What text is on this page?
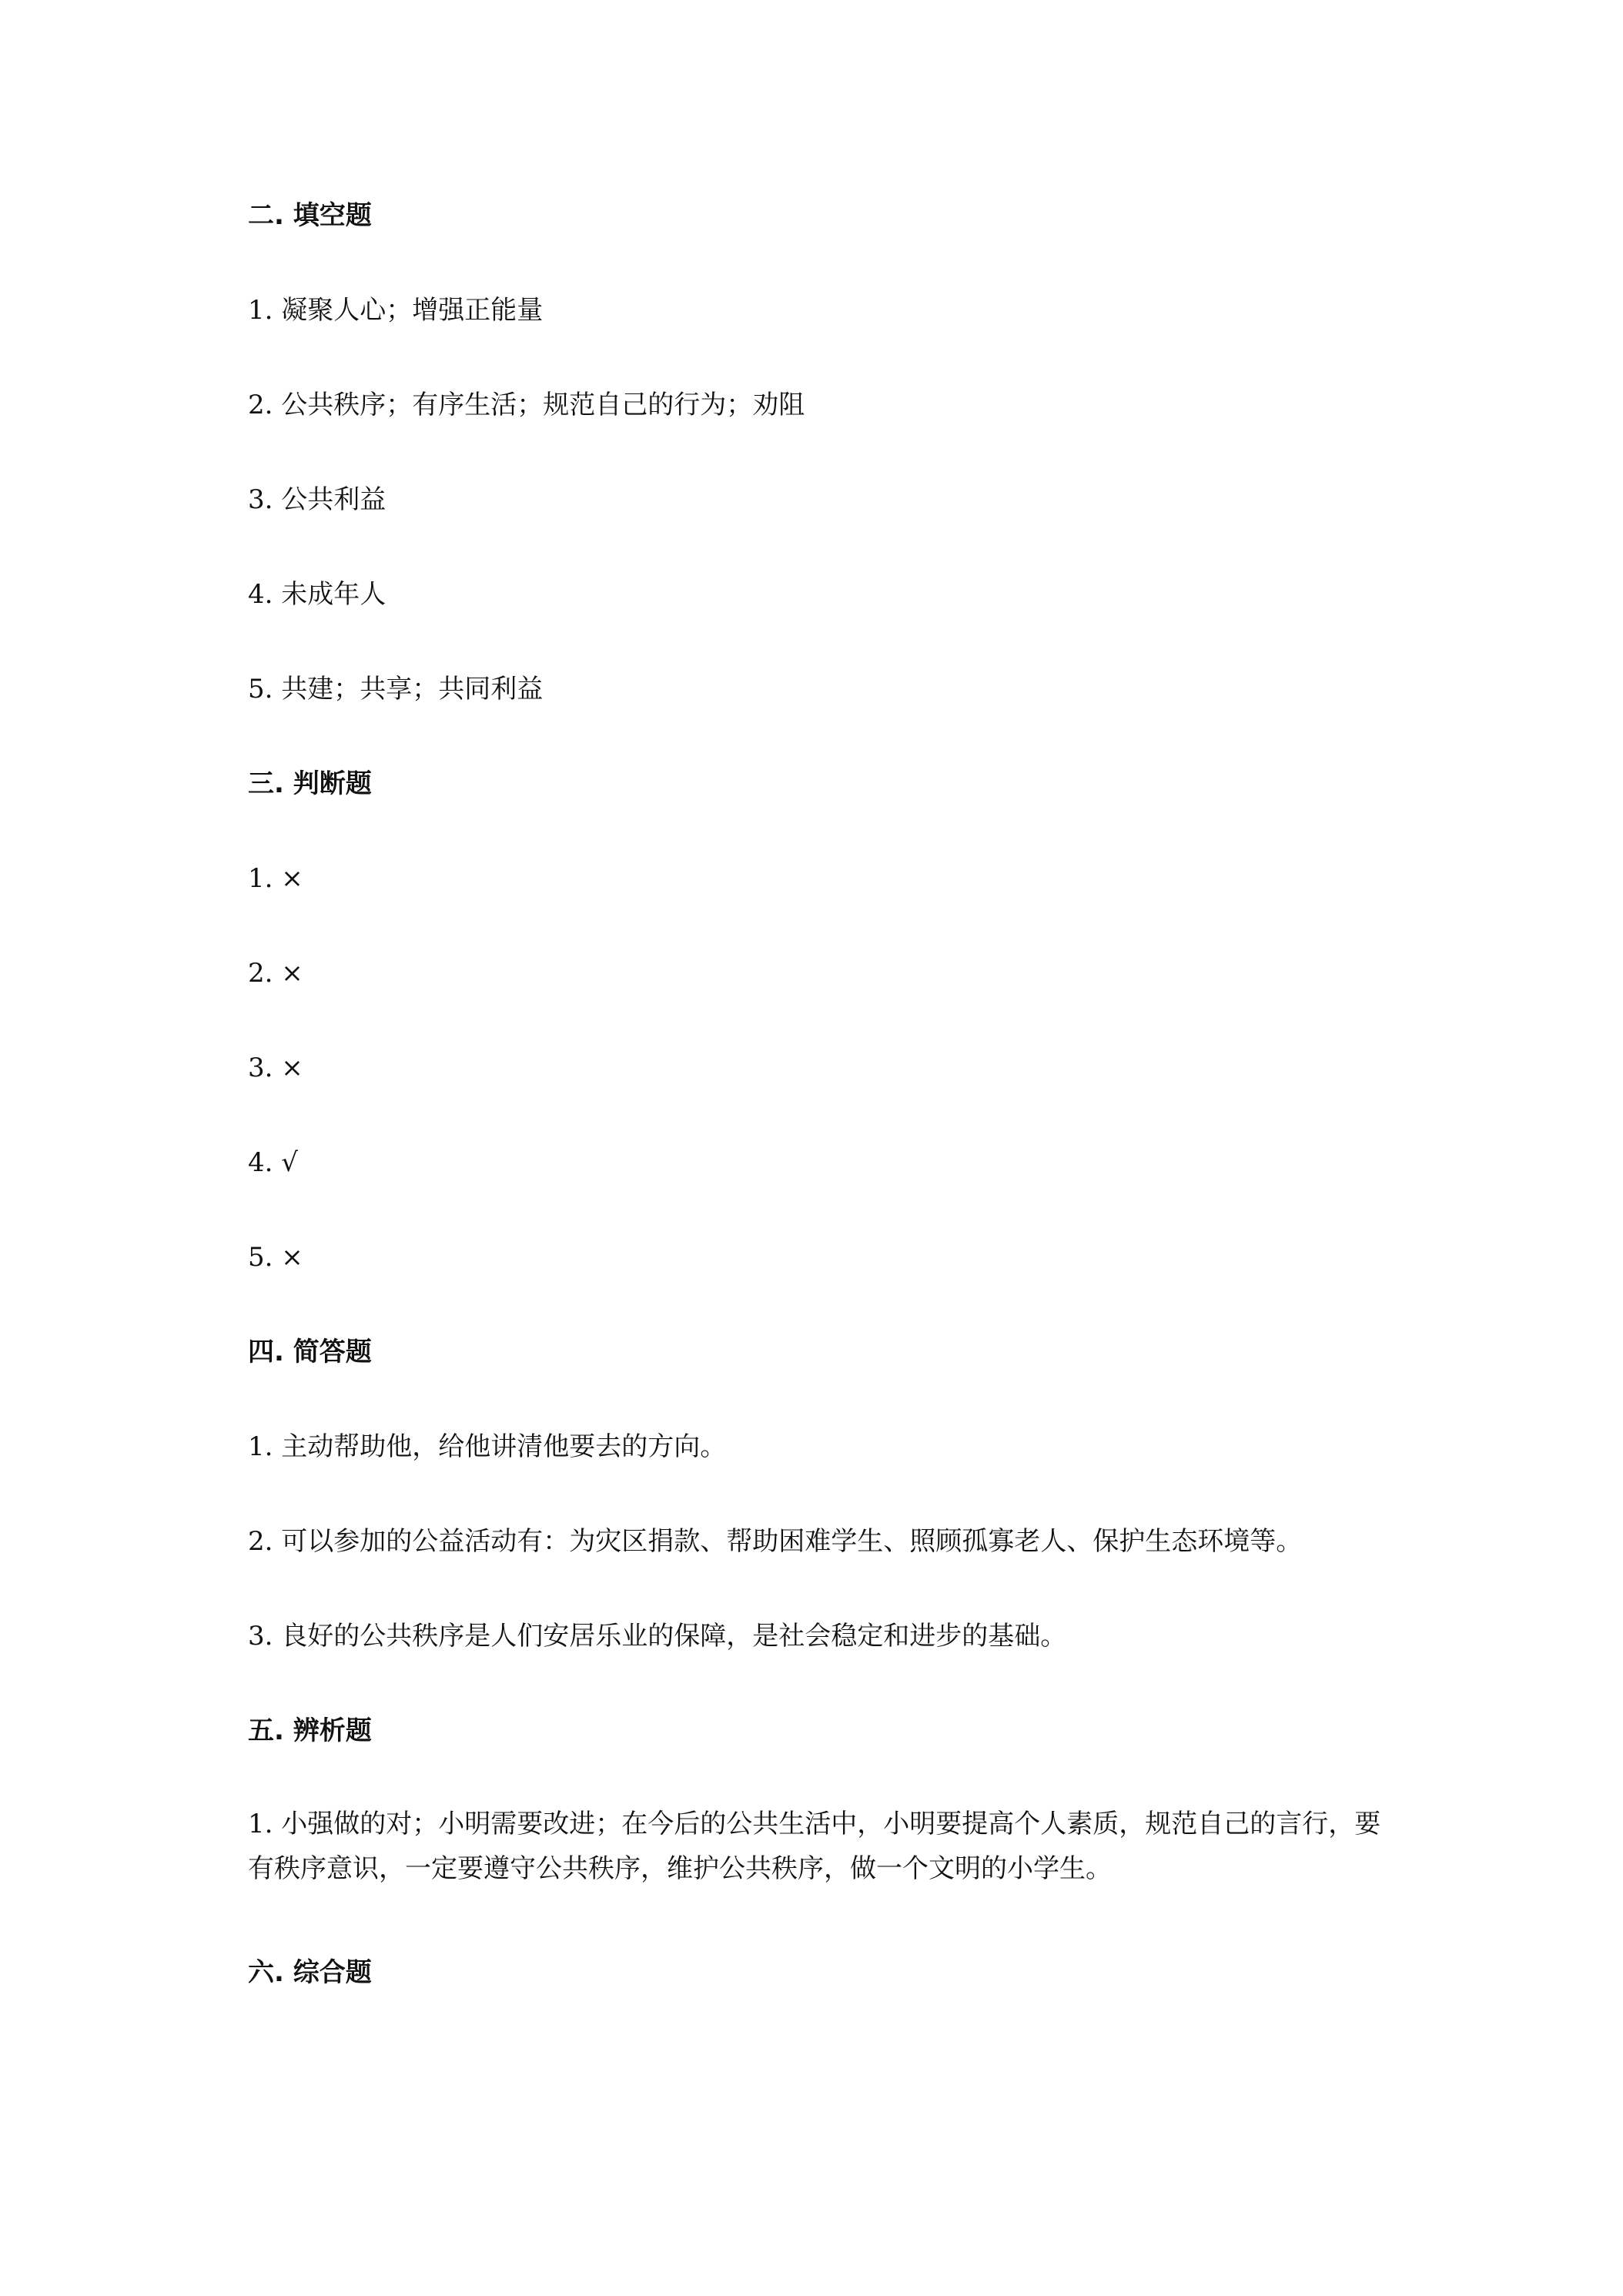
二. 填空题

1. 凝聚人心；增强正能量

2. 公共秩序；有序生活；规范自己的行为；劝阻

3. 公共利益

4. 未成年人

5. 共建；共享；共同利益

三. 判断题

1. ×

2. ×

3. ×

4. √

5. ×

四. 简答题

1. 主动帮助他，给他讲清他要去的方向。

2. 可以参加的公益活动有：为灾区捐款、帮助困难学生、照顾孤寡老人、保护生态环境等。

3. 良好的公共秩序是人们安居乐业的保障，是社会稳定和进步的基础。

五. 辨析题

1. 小强做的对；小明需要改进；在今后的公共生活中，小明要提高个人素质，规范自己的言行，要有秩序意识，一定要遵守公共秩序，维护公共秩序，做一个文明的小学生。

六. 综合题
